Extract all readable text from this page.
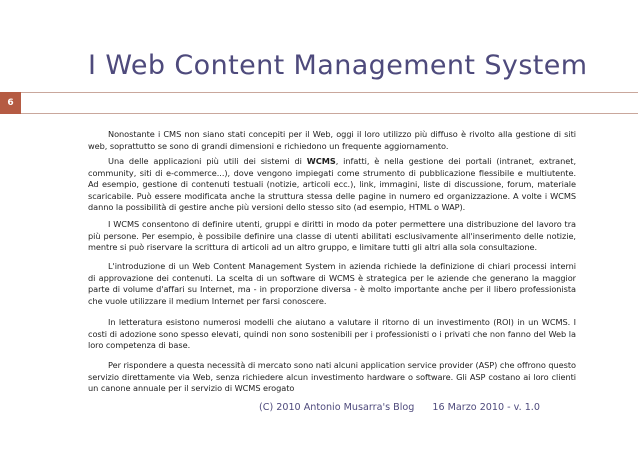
I Web Content Management System
6

Nonostante i CMS non siano stati concepiti per il Web, oggi il loro utilizzo più diffuso è rivolto alla gestione di siti web, soprattutto se sono di grandi dimensioni e richiedono un frequente aggiornamento.

Una delle applicazioni più utili dei sistemi di WCMS, infatti, è nella gestione dei portali (intranet, extranet, community, siti di e-commerce...), dove vengono impiegati come strumento di pubblicazione flessibile e multiutente. Ad esempio, gestione di contenuti testuali (notizie, articoli ecc.), link, immagini, liste di discussione, forum, materiale scaricabile. Può essere modificata anche la struttura stessa delle pagine in numero ed organizzazione. A volte i WCMS danno la possibilità di gestire anche più versioni dello stesso sito (ad esempio, HTML o WAP).

I WCMS consentono di definire utenti, gruppi e diritti in modo da poter permettere una distribuzione del lavoro tra più persone. Per esempio, è possibile definire una classe di utenti abilitati esclusivamente all'inserimento delle notizie, mentre si può riservare la scrittura di articoli ad un altro gruppo, e limitare tutti gli altri alla sola consultazione.

L'introduzione di un Web Content Management System in azienda richiede la definizione di chiari processi interni di approvazione dei contenuti. La scelta di un software di WCMS è strategica per le aziende che generano la maggior parte di volume d'affari su Internet, ma - in proporzione diversa - è molto importante anche per il libero professionista che vuole utilizzare il medium Internet per farsi conoscere.

In letteratura esistono numerosi modelli che aiutano a valutare il ritorno di un investimento (ROI) in un WCMS. I costi di adozione sono spesso elevati, quindi non sono sostenibili per i professionisti o i privati che non fanno del Web la loro competenza di base.

Per rispondere a questa necessità di mercato sono nati alcuni application service provider (ASP) che offrono questo servizio direttamente via Web, senza richiedere alcun investimento hardware o software. Gli ASP costano ai loro clienti un canone annuale per il servizio di WCMS erogato

(C) 2010 Antonio Musarra's Blog 16 Marzo 2010 - v. 1.0
